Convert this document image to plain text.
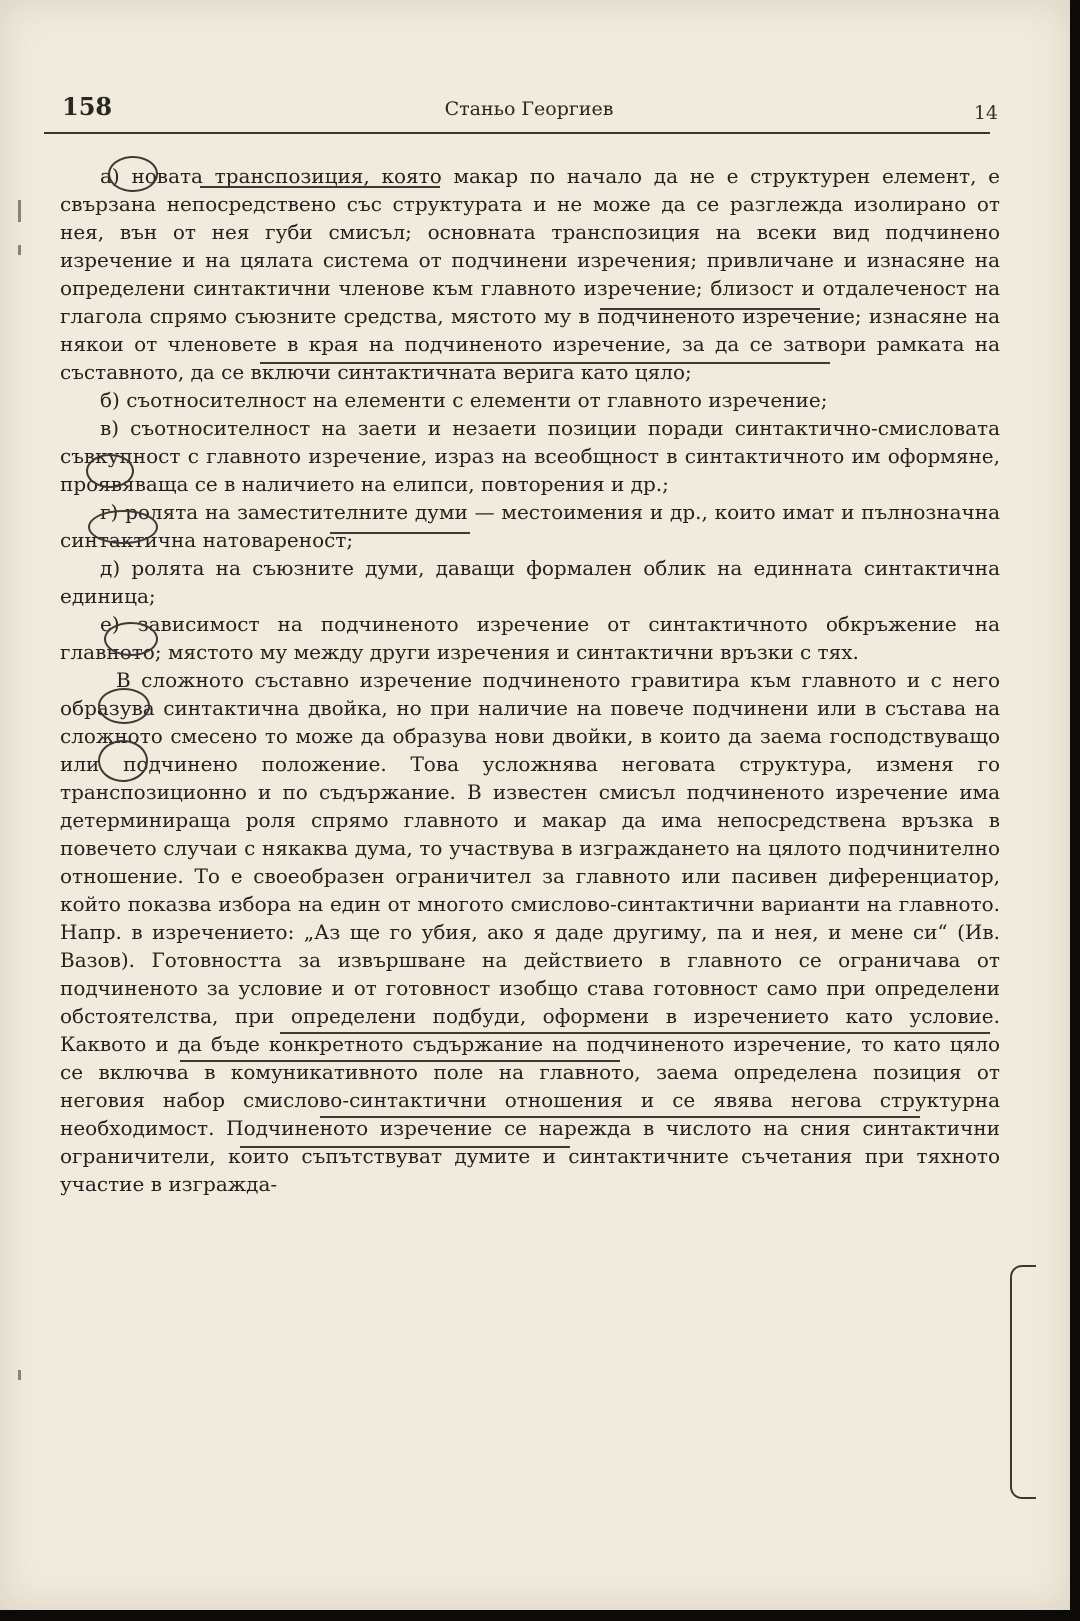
158	Станьо Георгиев	14

а) новата транспозиция, която макар по начало да не е структурен елемент, е свързана непосредствено със структурата и не може да се разглежда изолирано от нея, вън от нея губи смисъл; основната транспозиция на всеки вид подчинено изречение и на цялата система от подчинени изречения; привличане и изнасяне на определени синтактични членове към главното изречение; близост и отдалеченост на глагола спрямо съюзните средства, мястото му в подчиненото изречение; изнасяне на някои от членовете в края на подчиненото изречение, за да се затвори рамката на съставното, да се включи синтактичната верига като цяло;

б) съотносителност на елементи с елементи от главното изречение;

в) съотносителност на заети и незаети позиции поради синтактично-смисловата съвкупност с главното изречение, израз на всеобщност в синтактичното им оформяне, проявяваща се в наличието на елипси, повторения и др.;

г) ролята на заместителните думи — местоимения и др., които имат и пълнозначна синтактична натовареност;

д) ролята на съюзните думи, даващи формален облик на единната синтактична единица;

е) зависимост на подчиненото изречение от синтактичното обкръжение на главното; мястото му между други изречения и синтактични връзки с тях.

В сложното съставно изречение подчиненото гравитира към главното и с него образува синтактична двойка, но при наличие на повече подчинени или в състава на сложното смесено то може да образува нови двойки, в които да заема господствуващо или подчинено положение. Това усложнява неговата структура, изменя го транспозиционно и по съдържание. В известен смисъл подчиненото изречение има детерминираща роля спрямо главното и макар да има непосредствена връзка в повечето случаи с някаква дума, то участвува в изграждането на цялото подчинително отношение. То е своеобразен ограничител за главното или пасивен диференциатор, който показва избора на един от многото смислово-синтактични варианти на главното. Напр. в изречението: „Аз ще го убия, ако я даде другиму, па и нея, и мене си“ (Ив. Вазов). Готовността за извършване на действието в главното се ограничава от подчиненото за условие и от готовност изобщо става готовност само при определени обстоятелства, при определени подбуди, оформени в изречението като условие. Каквото и да бъде конкретното съдържание на подчиненото изречение, то като цяло се включва в комуникативното поле на главното, заема определена позиция от неговия набор смислово-синтактични отношения и се явява негова структурна необходимост. Подчиненото изречение се нарежда в числото на сния синтактични ограничители, които съпътствуват думите и синтактичните съчетания при тяхното участие в изгражда-
